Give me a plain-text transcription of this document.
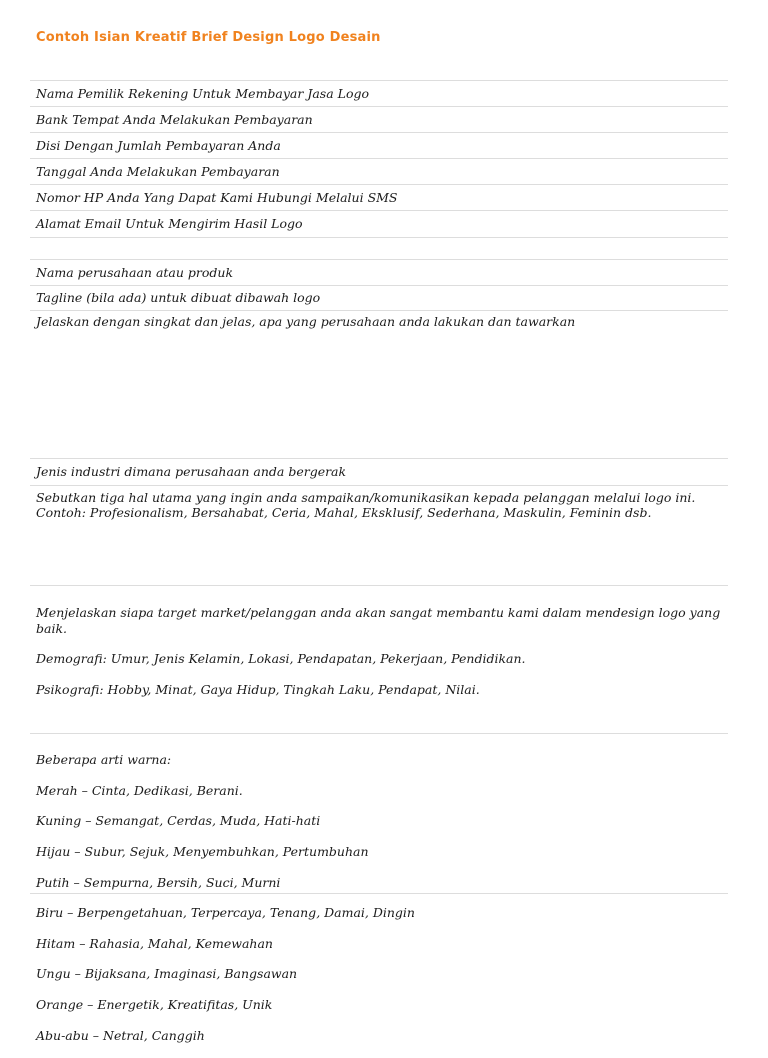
Contoh Isian Kreatif Brief Design Logo Desain
Nama Pemilik Rekening Untuk Membayar Jasa Logo
Bank Tempat Anda Melakukan Pembayaran
Disi Dengan Jumlah Pembayaran Anda
Tanggal Anda Melakukan Pembayaran
Nomor HP Anda Yang Dapat Kami Hubungi Melalui SMS
Alamat Email Untuk Mengirim Hasil Logo
Nama perusahaan atau produk
Tagline (bila ada) untuk dibuat dibawah logo
Jelaskan dengan singkat dan jelas, apa yang perusahaan anda lakukan dan tawarkan
Jenis industri dimana perusahaan anda bergerak
Sebutkan tiga hal utama yang ingin anda sampaikan/komunikasikan kepada pelanggan melalui logo ini. Contoh: Profesionalism, Bersahabat, Ceria, Mahal, Eksklusif, Sederhana, Maskulin, Feminin dsb.

Menjelaskan siapa target market/pelanggan anda akan sangat membantu kami dalam mendesign logo yang baik.

Demografi: Umur, Jenis Kelamin, Lokasi, Pendapatan, Pekerjaan, Pendidikan.

Psikografi: Hobby, Minat, Gaya Hidup, Tingkah Laku, Pendapat, Nilai.

Beberapa arti warna:

Merah – Cinta, Dedikasi, Berani.

Kuning – Semangat, Cerdas, Muda, Hati-hati

Hijau – Subur, Sejuk, Menyembuhkan, Pertumbuhan

Putih – Sempurna, Bersih, Suci, Murni

Biru – Berpengetahuan, Terpercaya, Tenang, Damai, Dingin

Hitam – Rahasia, Mahal, Kemewahan

Ungu – Bijaksana, Imaginasi, Bangsawan

Orange – Energetik, Kreatifitas, Unik

Abu-abu – Netral, Canggih
